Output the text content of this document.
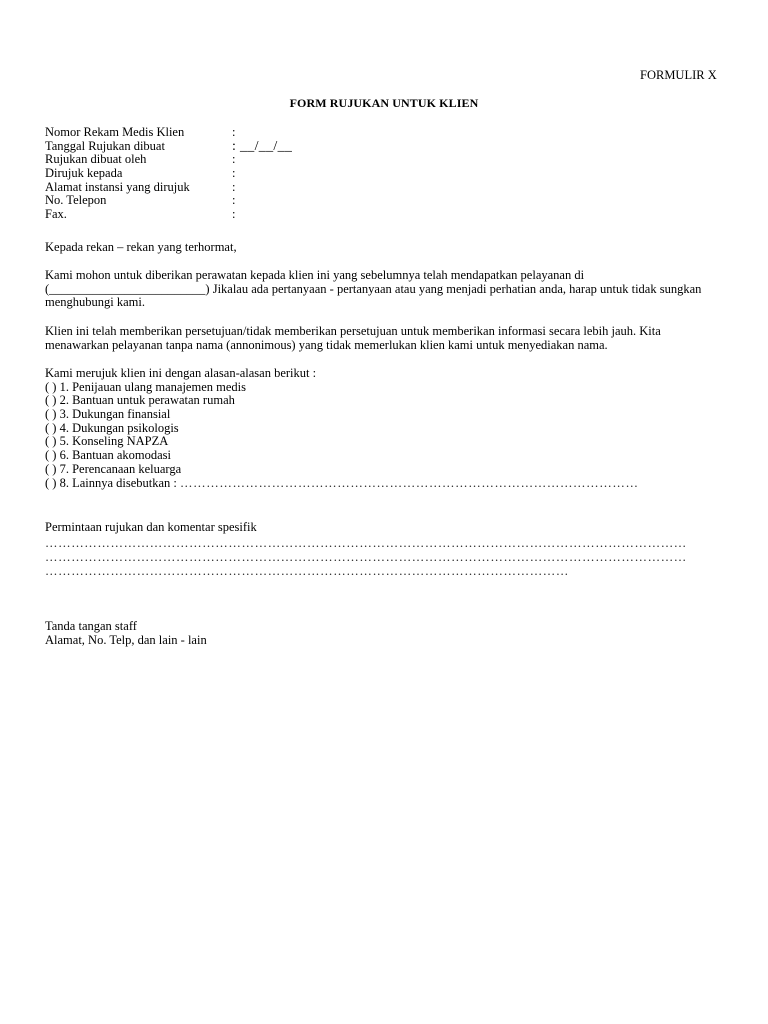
FORMULIR X
FORM RUJUKAN UNTUK KLIEN
Nomor Rekam Medis Klien	:
Tanggal Rujukan dibuat	: __/__/__
Rujukan dibuat oleh	:
Dirujuk kepada	:
Alamat instansi yang dirujuk	:
No. Telepon	:
Fax.	:
Kepada rekan – rekan yang terhormat,
Kami mohon untuk diberikan perawatan kepada klien ini yang sebelumnya telah mendapatkan pelayanan di
(_________________________) Jikalau ada pertanyaan - pertanyaan atau yang menjadi perhatian anda, harap untuk tidak sungkan
menghubungi kami.
Klien ini telah memberikan persetujuan/tidak memberikan persetujuan untuk memberikan informasi secara lebih jauh. Kita
menawarkan pelayanan tanpa nama (annonimous) yang tidak memerlukan klien kami untuk menyediakan nama.
Kami merujuk klien ini dengan alasan-alasan berikut :
( ) 1. Penijauan ulang manajemen medis
( ) 2. Bantuan untuk perawatan rumah
( ) 3. Dukungan finansial
( ) 4. Dukungan psikologis
( ) 5. Konseling NAPZA
( ) 6. Bantuan akomodasi
( ) 7. Perencanaan keluarga
( ) 8. Lainnya disebutkan : ……………………………………………………………………………………………
Permintaan rujukan dan komentar spesifik
…………………………………………………………………………………………………………………………………
…………………………………………………………………………………………………………………………………
…………………………………………………………………………………………………………
Tanda tangan staff
Alamat, No. Telp, dan lain - lain
